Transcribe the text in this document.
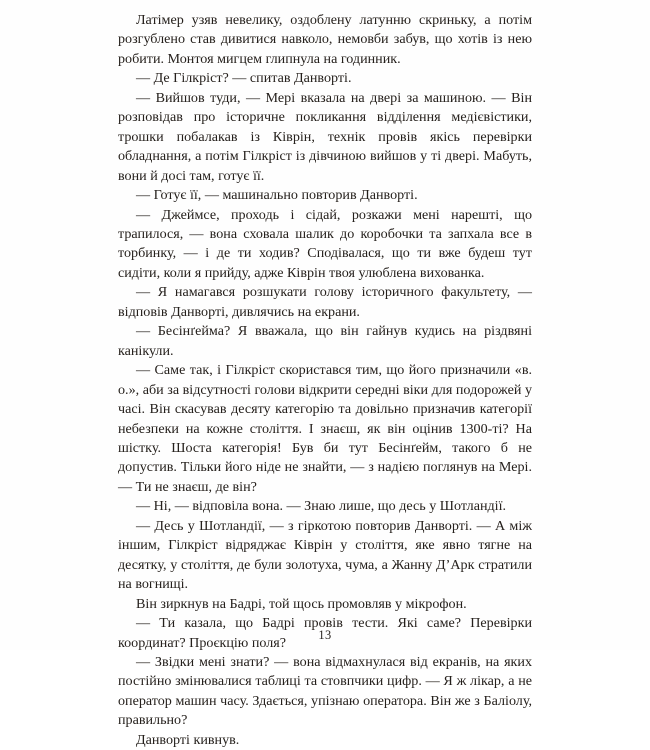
Латімер узяв невелику, оздоблену латунню скриньку, а потім розгублено став дивитися навколо, немовби забув, що хотів із нею робити. Монтоя мигцем глипнула на годинник.

— Де Гілкріст? — спитав Данворті.

— Вийшов туди, — Мері вказала на двері за машиною. — Він розповідав про історичне покликання відділення медієвістики, трошки побалакав із Ківрін, технік провів якісь перевірки обладнання, а потім Гілкріст із дівчиною вийшов у ті двері. Мабуть, вони й досі там, готує її.

— Готує її, — машинально повторив Данворті.

— Джеймсе, проходь і сідай, розкажи мені нарешті, що трапилося, — вона сховала шалик до коробочки та запхала все в торбинку, — і де ти ходив? Сподівалася, що ти вже будеш тут сидіти, коли я прийду, адже Ківрін твоя улюблена вихованка.

— Я намагався розшукати голову історичного факультету, — відповів Данворті, дивлячись на екрани.

— Бесінґейма? Я вважала, що він гайнув кудись на різдвяні канікули.

— Саме так, і Гілкріст скористався тим, що його призначили «в. о.», аби за відсутності голови відкрити середні віки для подорожей у часі. Він скасував десяту категорію та довільно призначив категорії небезпеки на кожне століття. І знаєш, як він оцінив 1300-ті? На шістку. Шоста категорія! Був би тут Бесінґейм, такого б не допустив. Тільки його ніде не знайти, — з надією поглянув на Мері. — Ти не знаєш, де він?

— Ні, — відповіла вона. — Знаю лише, що десь у Шотландії.

— Десь у Шотландії, — з гіркотою повторив Данворті. — А між іншим, Гілкріст відряджає Ківрін у століття, яке явно тягне на десятку, у століття, де були золотуха, чума, а Жанну Д’Арк стратили на вогнищі.

Він зиркнув на Бадрі, той щось промовляв у мікрофон.

— Ти казала, що Бадрі провів тести. Які саме? Перевірки координат? Проєкцію поля?

— Звідки мені знати? — вона відмахнулася від екранів, на яких постійно змінювалися таблиці та стовпчики цифр. — Я ж лікар, а не оператор машин часу. Здається, упізнаю оператора. Він же з Баліолу, правильно?

Данворті кивнув.

13
